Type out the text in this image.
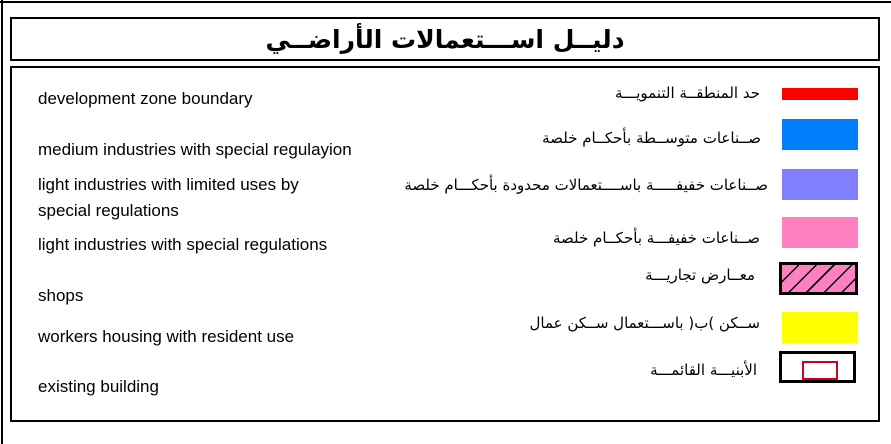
دليــل اســـتعمالات الأراضــي
development zone boundary	حد المنطقــة التنمويـــة
medium industries with special regulayion
صــناعات متوســطة بأحكــام خلصة
light industries with limited uses by special regulations
صــناعات خفيفـــــة باســــتعمالات محدودة بأحكـــام خلصة
light industries with special regulations	صــناعات خفيفـــة بأحكــام خلصة
shops
معــارض تجاريـــة
workers housing with resident use
ســكن )ب( باســـتعمال ســكن عمال
existing building
الأبنيـــة القائمـــة
